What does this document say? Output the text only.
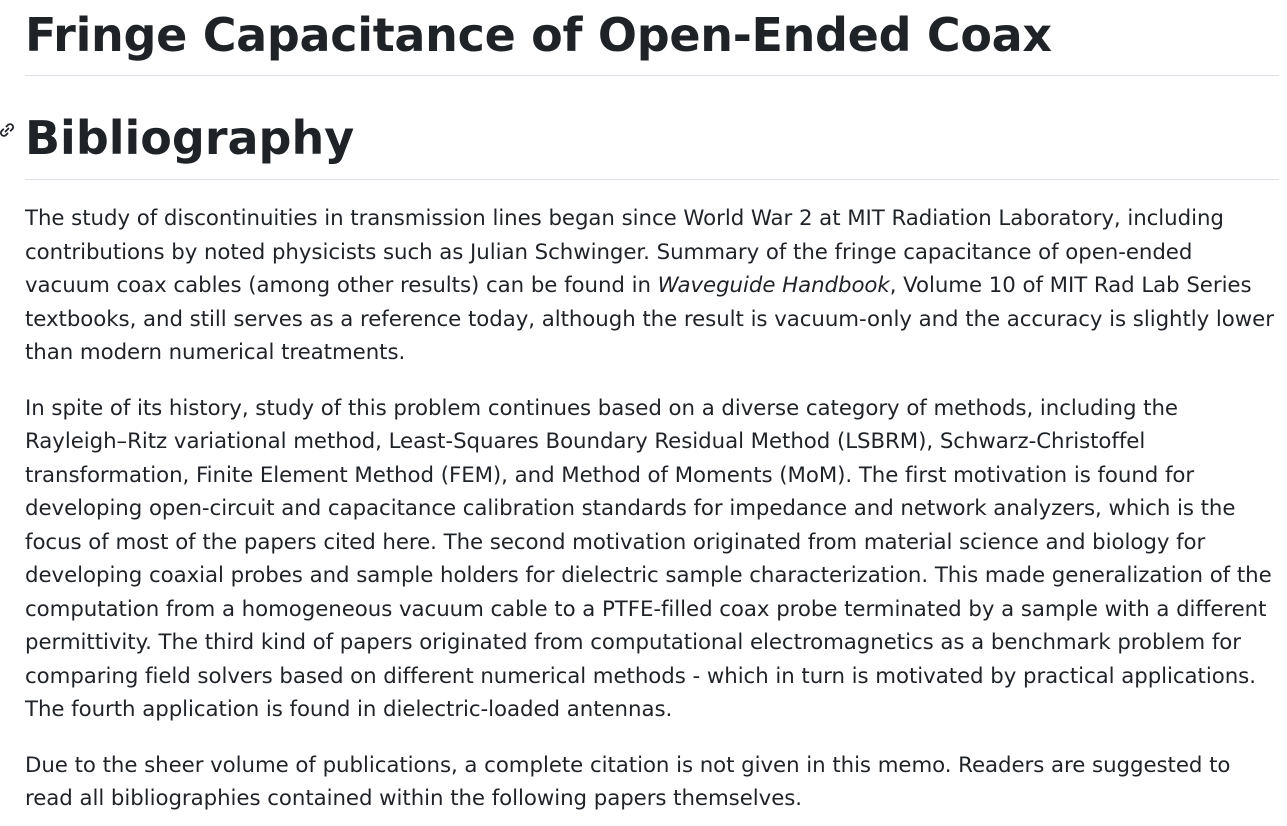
Fringe Capacitance of Open-Ended Coax
Bibliography

The study of discontinuities in transmission lines began since World War 2 at MIT Radiation Laboratory, including contributions by noted physicists such as Julian Schwinger. Summary of the fringe capacitance of open-ended vacuum coax cables (among other results) can be found in Waveguide Handbook, Volume 10 of MIT Rad Lab Series textbooks, and still serves as a reference today, although the result is vacuum-only and the accuracy is slightly lower than modern numerical treatments.

In spite of its history, study of this problem continues based on a diverse category of methods, including the Rayleigh–Ritz variational method, Least-Squares Boundary Residual Method (LSBRM), Schwarz-Christoffel transformation, Finite Element Method (FEM), and Method of Moments (MoM). The first motivation is found for developing open-circuit and capacitance calibration standards for impedance and network analyzers, which is the focus of most of the papers cited here. The second motivation originated from material science and biology for developing coaxial probes and sample holders for dielectric sample characterization. This made generalization of the computation from a homogeneous vacuum cable to a PTFE-filled coax probe terminated by a sample with a different permittivity. The third kind of papers originated from computational electromagnetics as a benchmark problem for comparing field solvers based on different numerical methods - which in turn is motivated by practical applications. The fourth application is found in dielectric-loaded antennas.

Due to the sheer volume of publications, a complete citation is not given in this memo. Readers are suggested to read all bibliographies contained within the following papers themselves.
